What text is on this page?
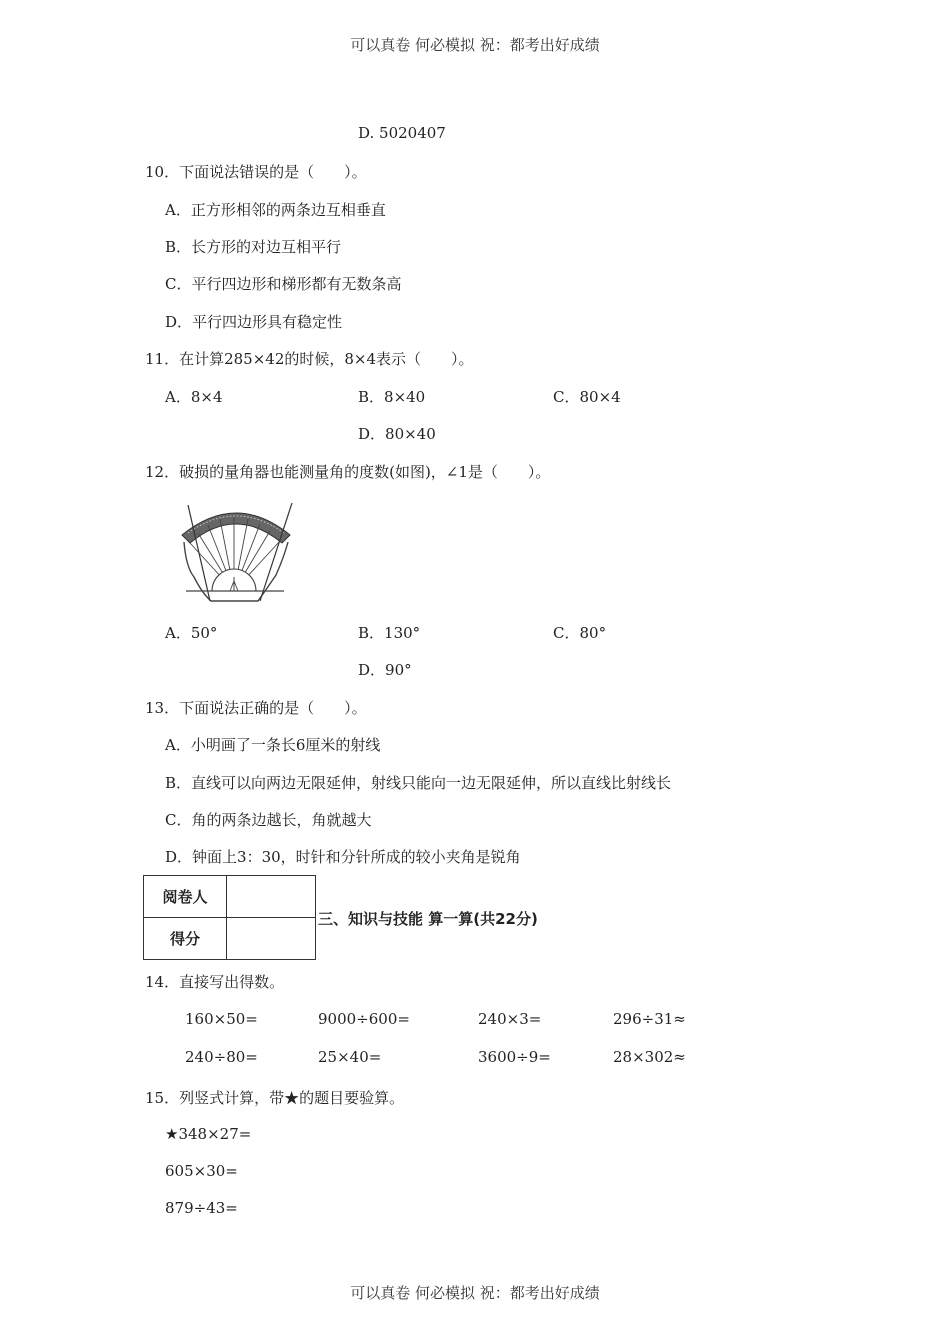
可以真卷 何必模拟 祝：都考出好成绩
D. 5020407
10．下面说法错误的是（　　）。
A．正方形相邻的两条边互相垂直
B．长方形的对边互相平行
C．平行四边形和梯形都有无数条高
D．平行四边形具有稳定性
11．在计算285×42的时候，8×4表示（　　）。
A．8×4	B．8×40	C．80×4
D．80×40
12．破损的量角器也能测量角的度数(如图)，∠1是（　　）。
A．50°	B．130°	C．80°
D．90°
13．下面说法正确的是（　　）。
A．小明画了一条长6厘米的射线
B．直线可以向两边无限延伸，射线只能向一边无限延伸，所以直线比射线长
C．角的两条边越长，角就越大
D．钟面上3：30，时针和分针所成的较小夹角是锐角
阅卷人	
得分	
三、知识与技能 算一算(共22分)
14．直接写出得数。
160×50=	9000÷600=	240×3=	296÷31≈
240÷80=	25×40=	3600÷9=	28×302≈
15．列竖式计算，带★的题目要验算。
★348×27=
605×30=
879÷43=
可以真卷 何必模拟 祝：都考出好成绩
